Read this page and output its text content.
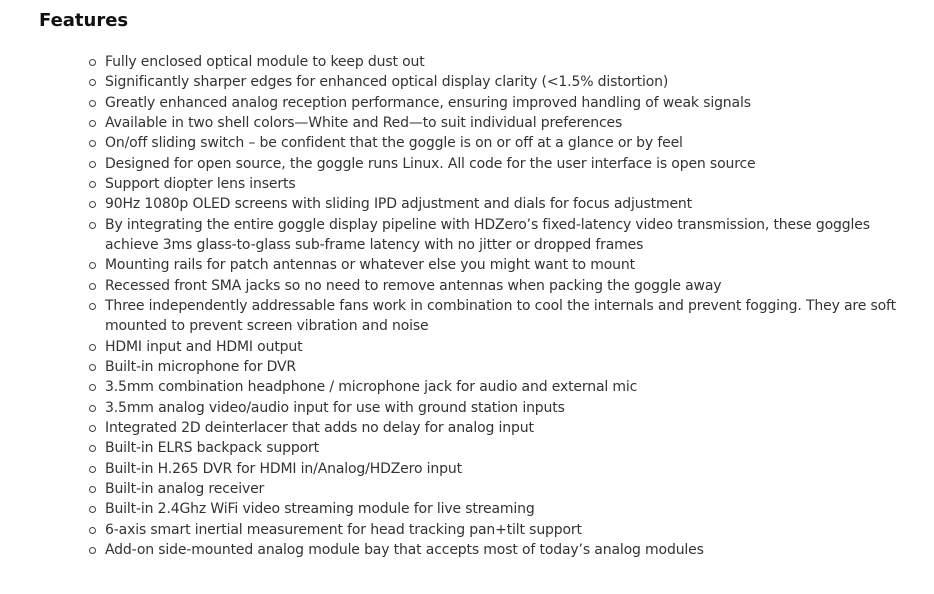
Features
Fully enclosed optical module to keep dust out
Significantly sharper edges for enhanced optical display clarity (<1.5% distortion)
Greatly enhanced analog reception performance, ensuring improved handling of weak signals
Available in two shell colors—White and Red—to suit individual preferences
On/off sliding switch – be confident that the goggle is on or off at a glance or by feel
Designed for open source, the goggle runs Linux. All code for the user interface is open source
Support diopter lens inserts
90Hz 1080p OLED screens with sliding IPD adjustment and dials for focus adjustment
By integrating the entire goggle display pipeline with HDZero’s fixed-latency video transmission, these goggles achieve 3ms glass-to-glass sub-frame latency with no jitter or dropped frames
Mounting rails for patch antennas or whatever else you might want to mount
Recessed front SMA jacks so no need to remove antennas when packing the goggle away
Three independently addressable fans work in combination to cool the internals and prevent fogging. They are soft mounted to prevent screen vibration and noise
HDMI input and HDMI output
Built-in microphone for DVR
3.5mm combination headphone / microphone jack for audio and external mic
3.5mm analog video/audio input for use with ground station inputs
Integrated 2D deinterlacer that adds no delay for analog input
Built-in ELRS backpack support
Built-in H.265 DVR for HDMI in/Analog/HDZero input
Built-in analog receiver
Built-in 2.4Ghz WiFi video streaming module for live streaming
6-axis smart inertial measurement for head tracking pan+tilt support
Add-on side-mounted analog module bay that accepts most of today’s analog modules
